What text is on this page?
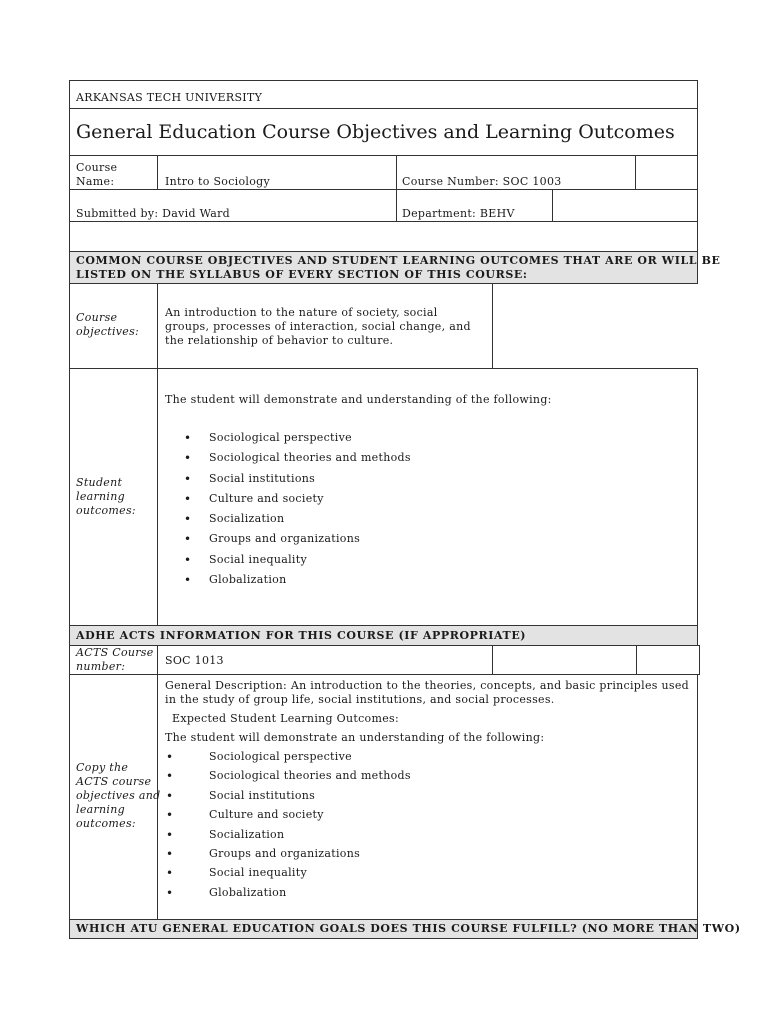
ARKANSAS TECH UNIVERSITY
General Education Course Objectives and Learning Outcomes
Course
Name:	Intro to Sociology	Course Number: SOC 1003
Submitted by: David Ward	Department: BEHV
COMMON COURSE OBJECTIVES AND STUDENT LEARNING OUTCOMES THAT ARE OR WILL BE
LISTED ON THE SYLLABUS OF EVERY SECTION OF THIS COURSE:
Course
objectives:
An introduction to the nature of society, social groups, processes of interaction, social change, and the relationship of behavior to culture.
Student
learning
outcomes:
The student will demonstrate and understanding of the following:
• Sociological perspective
• Sociological theories and methods
• Social institutions
• Culture and society
• Socialization
• Groups and organizations
• Social inequality
• Globalization
ADHE ACTS INFORMATION FOR THIS COURSE (IF APPROPRIATE)
ACTS Course
number:	SOC 1013
Copy the
ACTS course
objectives and
learning
outcomes:
General Description: An introduction to the theories, concepts, and basic principles used in the study of group life, social institutions, and social processes.
Expected Student Learning Outcomes:
The student will demonstrate an understanding of the following:
• Sociological perspective
• Sociological theories and methods
• Social institutions
• Culture and society
• Socialization
• Groups and organizations
• Social inequality
• Globalization
WHICH ATU GENERAL EDUCATION GOALS DOES THIS COURSE FULFILL? (NO MORE THAN TWO)
